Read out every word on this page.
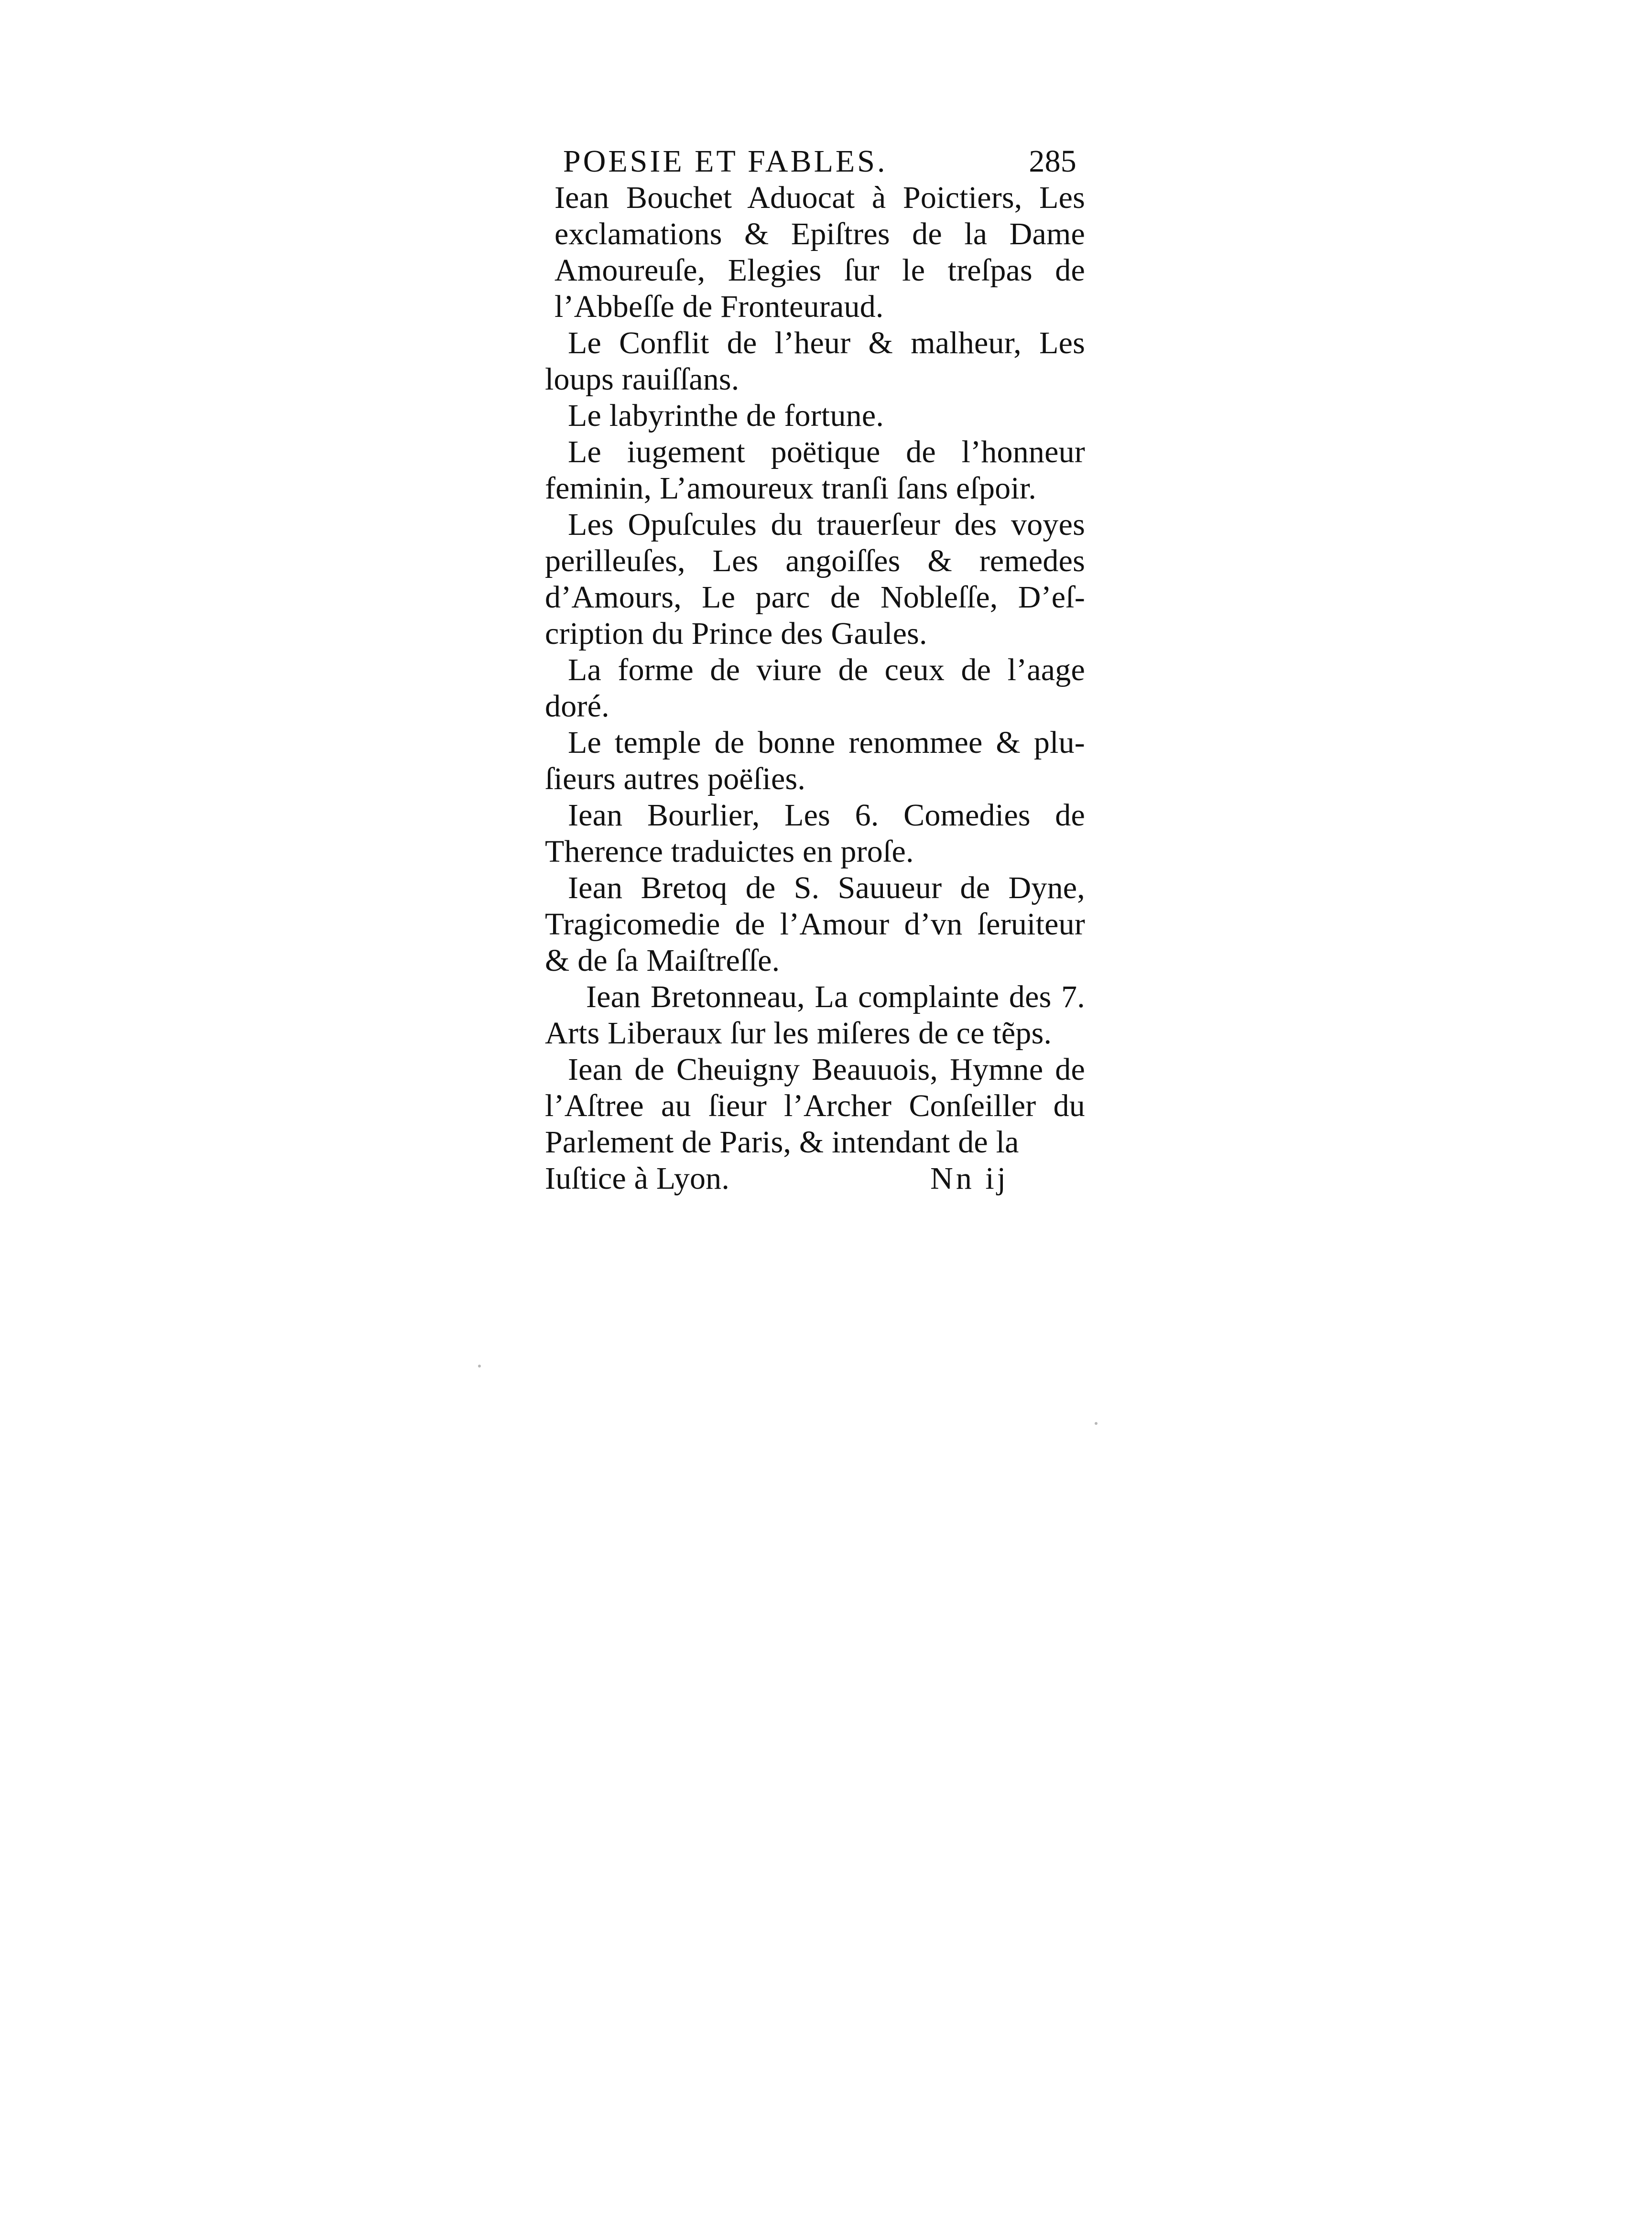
POESIE ET FABLES.	285

Iean Bouchet Aduocat à Poictiers, Les exclamations & Epiſtres de la Dame Amoureuſe, Elegies ſur le treſpas de l’Abbeſſe de Fronteuraud.

Le Conflit de l’heur & malheur, Les loups rauiſſans.

Le labyrinthe de fortune.

Le iugement poëtique de l’honneur feminin, L’amoureux tranſi ſans eſpoir.

Les Opuſcules du trauerſeur des voyes perilleuſes, Les angoiſſes & remedes d’Amours, Le parc de Nobleſſe, D’eſ- cription du Prince des Gaules.

La forme de viure de ceux de l’aage doré.

Le temple de bonne renommee & plu- ſieurs autres poëſies.

Iean Bourlier, Les 6. Comedies de Therence traduictes en proſe.

Iean Bretoq de S. Sauueur de Dyne, Tragicomedie de l’Amour d’vn ſeruiteur & de ſa Maiſtreſſe.

Iean Bretonneau, La complainte des 7. Arts Liberaux ſur les miſeres de ce tẽps.

Iean de Cheuigny Beauuois, Hymne de l’Aſtree au ſieur l’Archer Conſeiller du Parlement de Paris, & intendant de la

Iuſtice à Lyon.	Nn ij
